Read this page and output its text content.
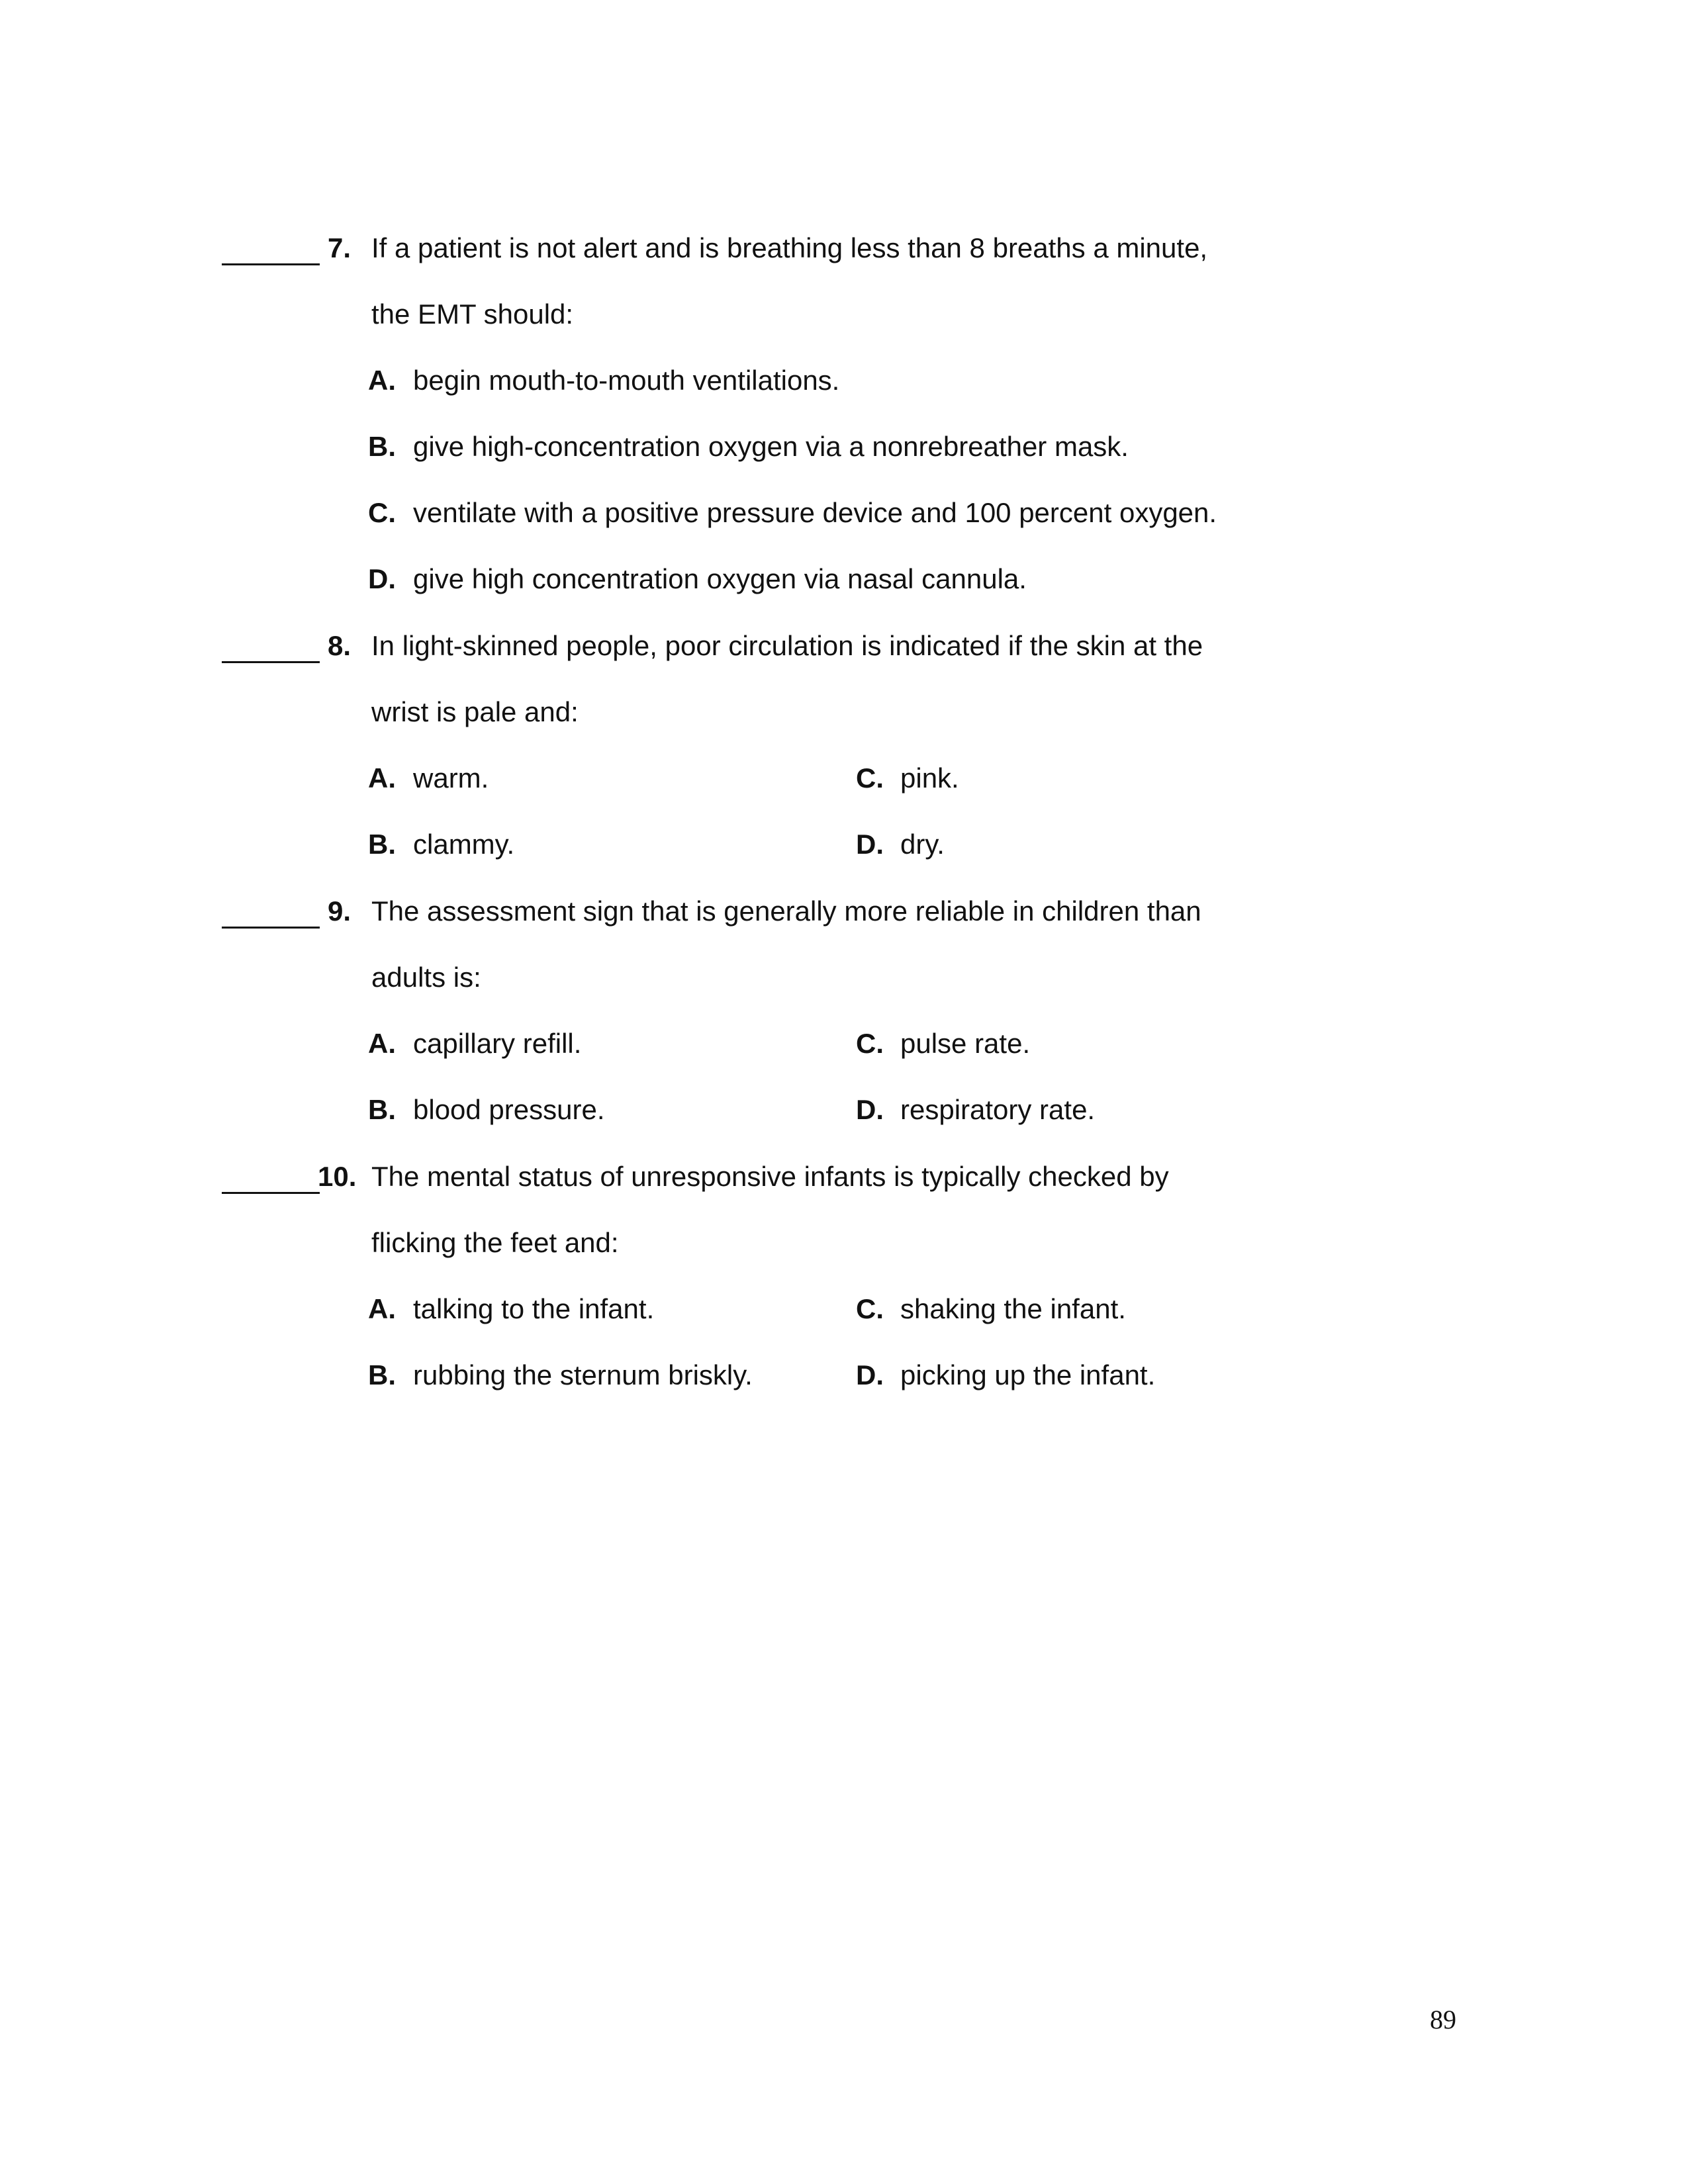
7. If a patient is not alert and is breathing less than 8 breaths a minute,
the EMT should:
A. begin mouth-to-mouth ventilations.
B. give high-concentration oxygen via a nonrebreather mask.
C. ventilate with a positive pressure device and 100 percent oxygen.
D. give high concentration oxygen via nasal cannula.
8. In light-skinned people, poor circulation is indicated if the skin at the
wrist is pale and:
A. warm.
B. clammy.
C. pink.
D. dry.
9. The assessment sign that is generally more reliable in children than
adults is:
A. capillary refill.
B. blood pressure.
C. pulse rate.
D. respiratory rate.
10. The mental status of unresponsive infants is typically checked by
flicking the feet and:
A. talking to the infant.
B. rubbing the sternum briskly.
C. shaking the infant.
D. picking up the infant.
89
